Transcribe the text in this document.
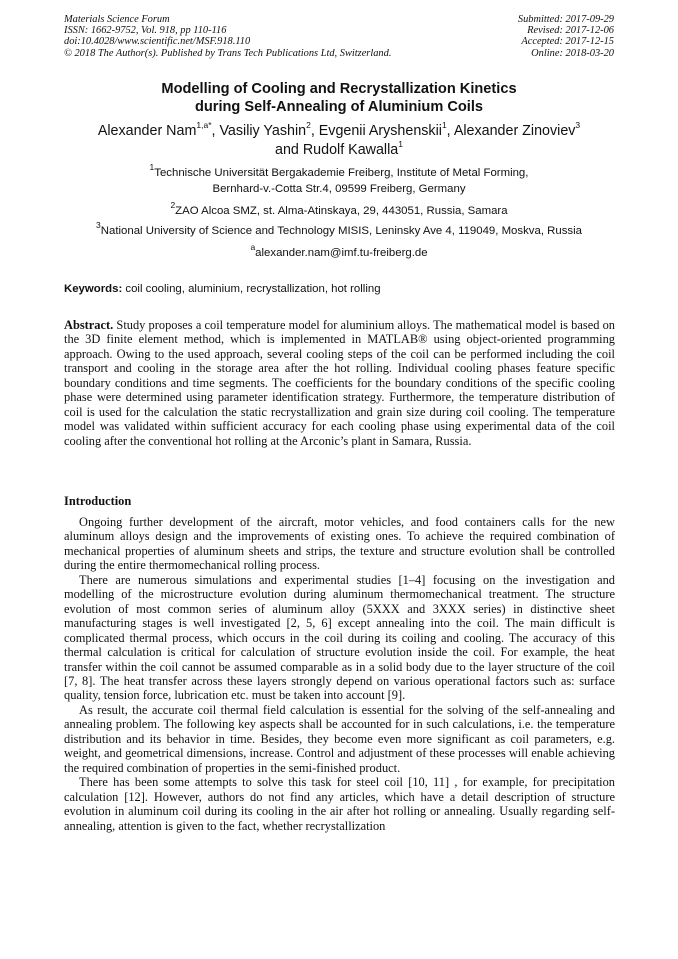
Materials Science Forum
ISSN: 1662-9752, Vol. 918, pp 110-116
doi:10.4028/www.scientific.net/MSF.918.110
© 2018 The Author(s). Published by Trans Tech Publications Ltd, Switzerland.
Submitted: 2017-09-29
Revised: 2017-12-06
Accepted: 2017-12-15
Online: 2018-03-20
Modelling of Cooling and Recrystallization Kinetics
during Self-Annealing of Aluminium Coils
Alexander Nam$^{1,a*}$, Vasiliy Yashin$^2$, Evgenii Aryshenskii$^1$, Alexander Zinoviev$^3$
and Rudolf Kawalla$^1$
$^1$Technische Universität Bergakademie Freiberg, Institute of Metal Forming,
Bernhard-v.-Cotta Str.4, 09599 Freiberg, Germany
$^2$ZAO Alcoa SMZ, st. Alma-Atinskaya, 29, 443051, Russia, Samara
$^3$National University of Science and Technology MISIS, Leninsky Ave 4, 119049, Moskva, Russia
$^a$alexander.nam@imf.tu-freiberg.de
Keywords: coil cooling, aluminium, recrystallization, hot rolling

Abstract. Study proposes a coil temperature model for aluminium alloys. The mathematical model is based on the 3D finite element method, which is implemented in MATLAB® using object-oriented programming approach. Owing to the used approach, several cooling steps of the coil can be performed including the coil transport and cooling in the storage area after the hot rolling. Individual cooling phases feature specific boundary conditions and time segments. The coefficients for the boundary conditions of the specific cooling phase were determined using parameter identification strategy. Furthermore, the temperature distribution of coil is used for the calculation the static recrystallization and grain size during coil cooling. The temperature model was validated within sufficient accuracy for each cooling phase using experimental data of the coil cooling after the conventional hot rolling at the Arconic’s plant in Samara, Russia.

Introduction

Ongoing further development of the aircraft, motor vehicles, and food containers calls for the new aluminum alloys design and the improvements of existing ones. To achieve the required combination of mechanical properties of aluminum sheets and strips, the texture and structure evolution shall be controlled during the entire thermomechanical rolling process.

There are numerous simulations and experimental studies [1–4] focusing on the investigation and modelling of the microstructure evolution during aluminum thermomechanical treatment. The structure evolution of most common series of aluminum alloy (5XXX and 3XXX series) in distinctive sheet manufacturing stages is well investigated [2, 5, 6] except annealing into the coil. The main difficult is complicated thermal process, which occurs in the coil during its coiling and cooling. The accuracy of this thermal calculation is critical for calculation of structure evolution inside the coil. For example, the heat transfer within the coil cannot be assumed comparable as in a solid body due to the layer structure of the coil [7, 8]. The heat transfer across these layers strongly depend on various operational factors such as: surface quality, tension force, lubrication etc. must be taken into account [9].

As result, the accurate coil thermal field calculation is essential for the solving of the self-annealing and annealing problem. The following key aspects shall be accounted for in such calculations, i.e. the temperature distribution and its behavior in time. Besides, they become even more significant as coil parameters, e.g. weight, and geometrical dimensions, increase. Control and adjustment of these processes will enable achieving the required combination of properties in the semi-finished product.

There has been some attempts to solve this task for steel coil [10, 11] , for example, for precipitation calculation [12]. However, authors do not find any articles, which have a detail description of structure evolution in aluminum coil during its cooling in the air after hot rolling or annealing. Usually regarding self-annealing, attention is given to the fact, whether recrystallization
